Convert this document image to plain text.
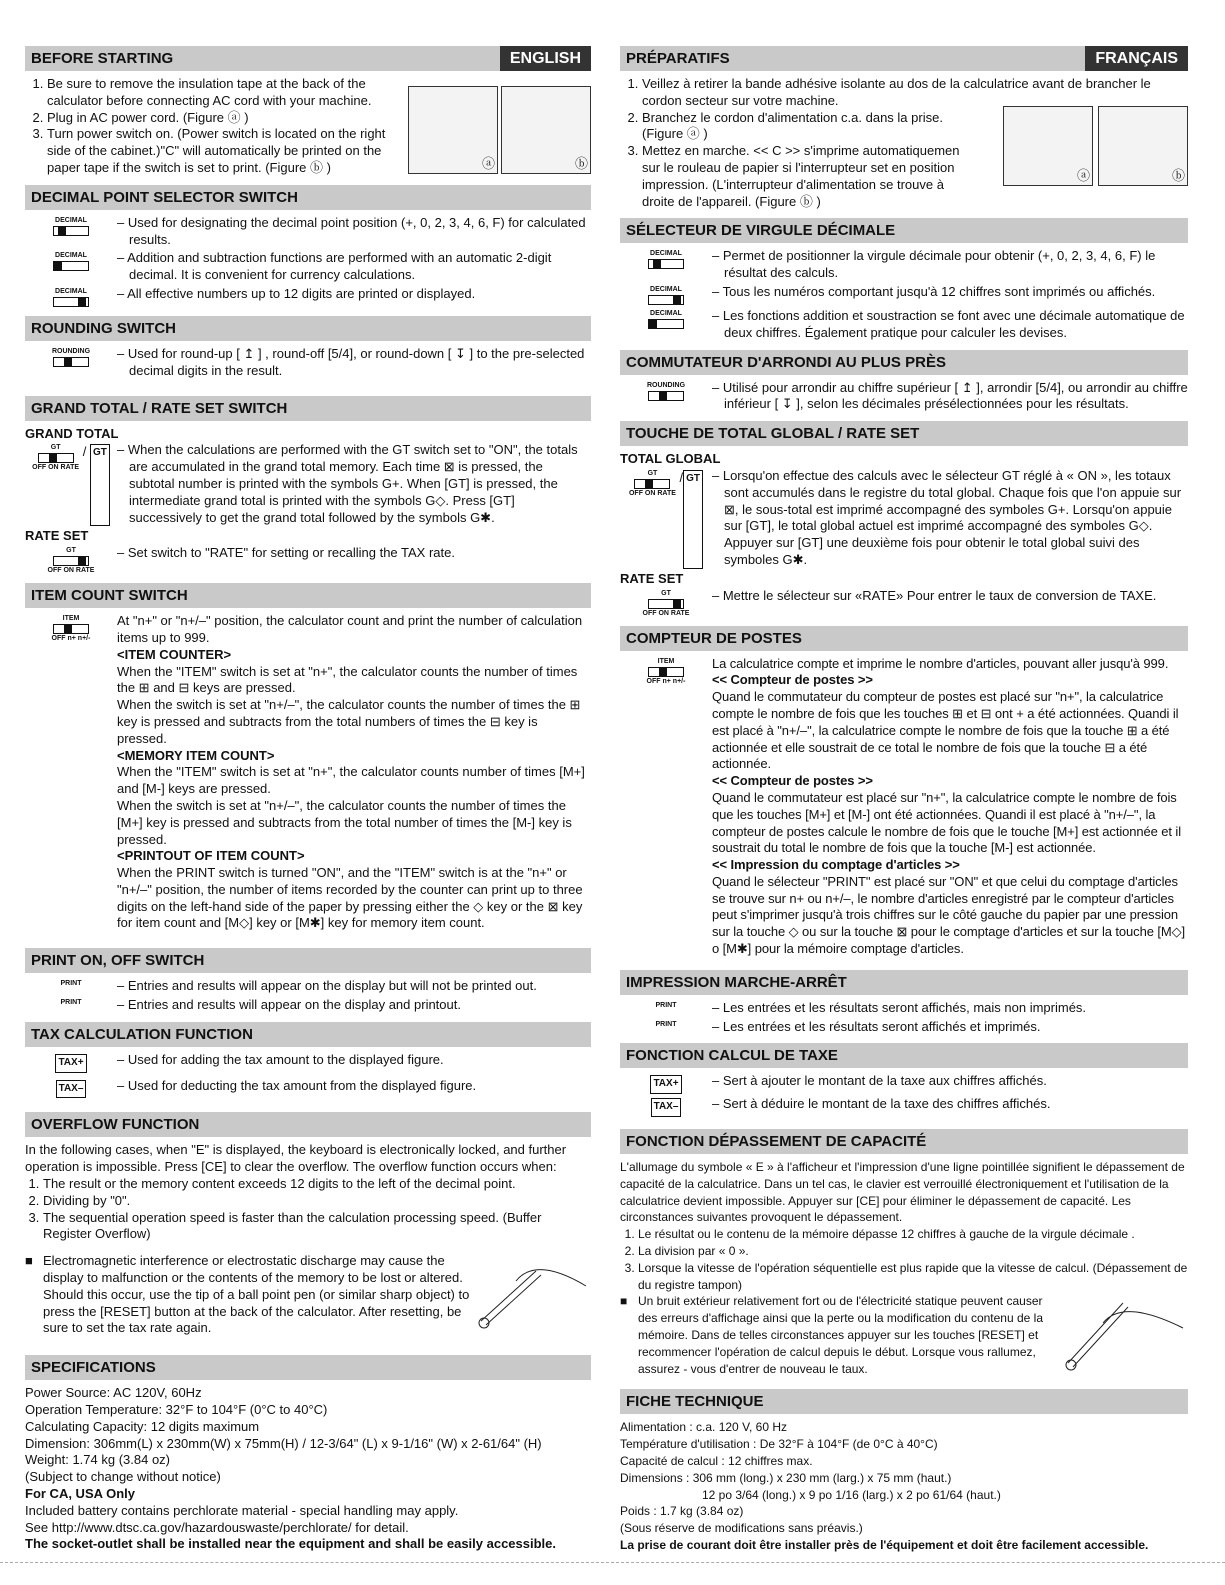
BEFORE STARTING	ENGLISH
1. Be sure to remove the insulation tape at the back of the calculator before connecting AC cord with your machine.
2. Plug in AC power cord. (Figure ⓐ )
3. Turn power switch on. (Power switch is located on the right side of the cabinet.)"C" will automatically be printed on the paper tape if the switch is set to print. (Figure ⓑ )	ⓐ	ⓑ
DECIMAL POINT SELECTOR SWITCH
DECIMAL – Used for designating the decimal point position (+, 0, 2, 3, 4, 6, F) for calculated results.
DECIMAL – Addition and subtraction functions are performed with an automatic 2-digit decimal. It is convenient for currency calculations.
DECIMAL – All effective numbers up to 12 digits are printed or displayed.
ROUNDING SWITCH
ROUNDING – Used for round-up [ ↥ ] , round-off [5/4], or round-down [ ↧ ] to the pre-selected decimal digits in the result.
GRAND TOTAL / RATE SET SWITCH
GRAND TOTAL
GT
OFF ON RATE
/ GT – When the calculations are performed with the GT switch set to "ON", the totals are accumulated in the grand total memory. Each time ⊠ is pressed, the subtotal number is printed with the symbols G+. When [GT] is pressed, the intermediate grand total is printed with the symbols G◇. Press [GT] successively to get the grand total followed by the symbols G✱.
RATE SET
GT
OFF ON RATE
– Set switch to "RATE" for setting or recalling the TAX rate.
ITEM COUNT SWITCH
ITEM
OFF n+ n+/-
At "n+" or "n+/–" position, the calculator count and print the number of calculation items up to 999.
<ITEM COUNTER>
When the "ITEM" switch is set at "n+", the calculator counts the number of times the ⊞ and ⊟ keys are pressed.
When the switch is set at "n+/–", the calculator counts the number of times the ⊞ key is pressed and subtracts from the total numbers of times the ⊟ key is pressed.
<MEMORY ITEM COUNT>
When the "ITEM" switch is set at "n+", the calculator counts number of times [M+] and [M-] keys are pressed.
When the switch is set at "n+/–", the calculator counts the number of times the [M+] key is pressed and subtracts from the total number of times the [M-] key is pressed.
<PRINTOUT OF ITEM COUNT>
When the PRINT switch is turned "ON", and the "ITEM" switch is at the "n+" or "n+/–" position, the number of items recorded by the counter can print up to three digits on the left-hand side of the paper by pressing either the ◇ key or the ⊠ key for item count and [M◇] key or [M✱] key for memory item count.
PRINT ON, OFF SWITCH
PRINT	– Entries and results will appear on the display but will not be printed out.
PRINT	– Entries and results will appear on the display and printout.
TAX CALCULATION FUNCTION
TAX+	– Used for adding the tax amount to the displayed figure.
TAX–	– Used for deducting the tax amount from the displayed figure.
OVERFLOW FUNCTION
In the following cases, when "E" is displayed, the keyboard is electronically locked, and further operation is impossible. Press [CE] to clear the overflow. The overflow function occurs when:
1. The result or the memory content exceeds 12 digits to the left of the decimal point.
2. Dividing by "0".
3. The sequential operation speed is faster than the calculation processing speed. (Buffer Register Overflow)
■ Electromagnetic interference or electrostatic discharge may cause the display to malfunction or the contents of the memory to be lost or altered. Should this occur, use the tip of a ball point pen (or similar sharp object) to press the [RESET] button at the back of the calculator. After resetting, be sure to set the tax rate again.
SPECIFICATIONS
Power Source: AC 120V, 60Hz
Operation Temperature: 32°F to 104°F (0°C to 40°C)
Calculating Capacity: 12 digits maximum
Dimension: 306mm(L) x 230mm(W) x 75mm(H) / 12-3/64" (L) x 9-1/16" (W) x 2-61/64" (H)
Weight: 1.74 kg (3.84 oz)
(Subject to change without notice)
For CA, USA Only
Included battery contains perchlorate material - special handling may apply.
See http://www.dtsc.ca.gov/hazardouswaste/perchlorate/ for detail.
The socket-outlet shall be installed near the equipment and shall be easily accessible.
PRÉPARATIFS	FRANÇAIS
1. Veillez à retirer la bande adhésive isolante au dos de la calculatrice avant de brancher le cordon secteur sur votre machine.
2. Branchez le cordon d'alimentation c.a. dans la prise. (Figure ⓐ )
3. Mettez en marche. << C >> s'imprime automatiquemen sur le rouleau de papier si l'interrupteur set en position impression. (L'interrupteur d'alimentation se trouve à droite de l'appareil. (Figure ⓑ )
ⓐ	ⓑ
SÉLECTEUR DE VIRGULE DÉCIMALE
DECIMAL – Permet de positionner la virgule décimale pour obtenir (+, 0, 2, 3, 4, 6, F) le résultat des calculs.
DECIMAL – Tous les numéros comportant jusqu'à 12 chiffres sont imprimés ou affichés.
DECIMAL – Les fonctions addition et soustraction se font avec une décimale automatique de deux chiffres. Également pratique pour calculer les devises.
COMMUTATEUR D'ARRONDI AU PLUS PRÈS
ROUNDING – Utilisé pour arrondir au chiffre supérieur [ ↥ ], arrondir [5/4], ou arrondir au chiffre inférieur [ ↧ ], selon les décimales présélectionnées pour les résultats.
TOUCHE DE TOTAL GLOBAL / RATE SET
TOTAL GLOBAL
GT
OFF ON RATE
/ GT – Lorsqu'on effectue des calculs avec le sélecteur GT réglé à « ON », les totaux sont accumulés dans le registre du total global. Chaque fois que l'on appuie sur ⊠, le sous-total est imprimé accompagné des symboles G+. Lorsqu'on appuie sur [GT], le total global actuel est imprimé accompagné des symboles G◇. Appuyer sur [GT] une deuxième fois pour obtenir le total global suivi des symboles G✱.
RATE SET
GT
OFF ON RATE
– Mettre le sélecteur sur «RATE» Pour entrer le taux de conversion de TAXE.
COMPTEUR DE POSTES
ITEM
OFF n+ n+/-
La calculatrice compte et imprime le nombre d'articles, pouvant aller jusqu'à 999.
<< Compteur de postes >>
Quand le commutateur du compteur de postes est placé sur "n+", la calculatrice compte le nombre de fois que les touches ⊞ et ⊟ ont + a été actionnées. Quandi il est placé à "n+/–", la calculatrice compte le nombre de fois que la touche ⊞ a été actionnée et elle soustrait de ce total le nombre de fois que la touche ⊟ a été actionnée.
<< Compteur de postes >>
Quand le commutateur est placé sur "n+", la calculatrice compte le nombre de fois que les touches [M+] et [M-] ont été actionnées. Quandi il est placé à "n+/–", la compteur de postes calcule le nombre de fois que le touche [M+] est actionnée et il soustrait du total le nombre de fois que la touche [M-] est actionnée.
<< Impression du comptage d'articles >>
Quand le sélecteur "PRINT" est placé sur "ON" et que celui du comptage d'articles se trouve sur n+ ou n+/–, le nombre d'articles enregistré par le compteur d'articles peut s'imprimer jusqu'à trois chiffres sur le côté gauche du papier par une pression sur la touche ◇ ou sur la touche ⊠ pour le comptage d'articles et sur la touche [M◇] o [M✱] pour la mémoire comptage d'articles.
IMPRESSION MARCHE-ARRÊT
PRINT	– Les entrées et les résultats seront affichés, mais non imprimés.
PRINT	– Les entrées et les résultats seront affichés et imprimés.
FONCTION CALCUL DE TAXE
TAX+	– Sert à ajouter le montant de la taxe aux chiffres affichés.
TAX–	– Sert à déduire le montant de la taxe des chiffres affichés.
FONCTION DÉPASSEMENT DE CAPACITÉ
L'allumage du symbole « E » à l'afficheur et l'impression d'une ligne pointillée signifient le dépassement de capacité de la calculatrice. Dans un tel cas, le clavier est verrouillé électroniquement et l'utilisation de la calculatrice devient impossible. Appuyer sur [CE] pour éliminer le dépassement de capacité. Les circonstances suivantes provoquent le dépassement.
1. Le résultat ou le contenu de la mémoire dépasse 12 chiffres à gauche de la virgule décimale .
2. La division par « 0 ».
3. Lorsque la vitesse de l'opération séquentielle est plus rapide que la vitesse de calcul. (Dépassement de du registre tampon)
■ Un bruit extérieur relativement fort ou de l'électricité statique peuvent causer des erreurs d'affichage ainsi que la perte ou la modification du contenu de la mémoire. Dans de telles circonstances appuyer sur les touches [RESET] et recommencer l'opération de calcul depuis le début. Lorsque vous rallumez, assurez - vous d'entrer de nouveau le taux.
FICHE TECHNIQUE
Alimentation : c.a. 120 V, 60 Hz
Température d'utilisation : De 32°F à 104°F (de 0°C à 40°C)
Capacité de calcul : 12 chiffres max.
Dimensions : 306 mm (long.) x 230 mm (larg.) x 75 mm (haut.)
12 po 3/64 (long.) x 9 po 1/16 (larg.) x 2 po 61/64 (haut.)
Poids : 1.7 kg (3.84 oz)
(Sous réserve de modifications sans préavis.)
La prise de courant doit être installer près de l'équipement et doit être facilement accessible.
